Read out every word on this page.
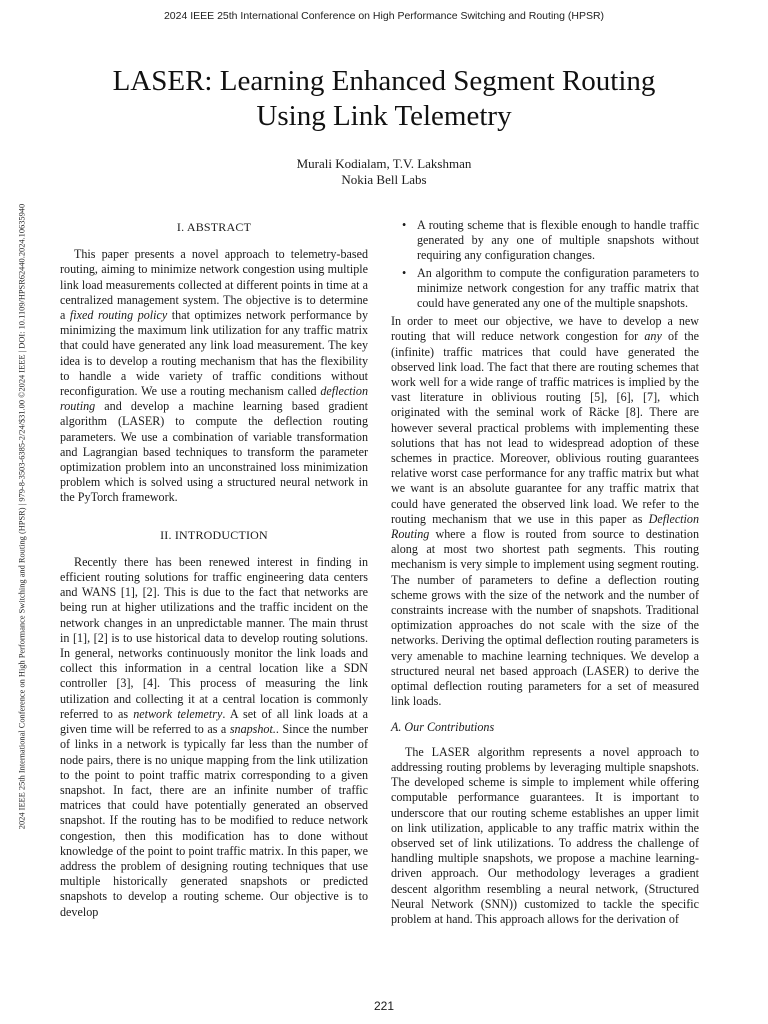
2024 IEEE 25th International Conference on High Performance Switching and Routing (HPSR)
2024 IEEE 25th International Conference on High Performance Switching and Routing (HPSR) | 979-8-3503-6385-2/24/$31.00 ©2024 IEEE | DOI: 10.1109/HPSR62440.2024.10635940
LASER: Learning Enhanced Segment Routing
Using Link Telemetry
Murali Kodialam, T.V. Lakshman
Nokia Bell Labs
I. ABSTRACT

This paper presents a novel approach to telemetry-based routing, aiming to minimize network congestion using multiple link load measurements collected at different points in time at a centralized management system. The objective is to determine a fixed routing policy that optimizes network performance by minimizing the maximum link utilization for any traffic matrix that could have generated any link load measurement. The key idea is to develop a routing mechanism that has the flexibility to handle a wide variety of traffic conditions without reconfiguration. We use a routing mechanism called deflection routing and develop a machine learning based gradient algorithm (LASER) to compute the deflection routing parameters. We use a combination of variable transformation and Lagrangian based techniques to transform the parameter optimization problem into an unconstrained loss minimization problem which is solved using a structured neural network in the PyTorch framework.

II. INTRODUCTION

Recently there has been renewed interest in finding in efficient routing solutions for traffic engineering data centers and WANS [1], [2]. This is due to the fact that networks are being run at higher utilizations and the traffic incident on the network changes in an unpredictable manner. The main thrust in [1], [2] is to use historical data to develop routing solutions. In general, networks continuously monitor the link loads and collect this information in a central location like a SDN controller [3], [4]. This process of measuring the link utilization and collecting it at a central location is commonly referred to as network telemetry. A set of all link loads at a given time will be referred to as a snapshot.. Since the number of links in a network is typically far less than the number of node pairs, there is no unique mapping from the link utilization to the point to point traffic matrix corresponding to a given snapshot. In fact, there are an infinite number of traffic matrices that could have potentially generated an observed snapshot. If the routing has to be modified to reduce network congestion, then this modification has to done without knowledge of the point to point traffic matrix. In this paper, we address the problem of designing routing techniques that use multiple historically generated snapshots or predicted snapshots to develop a routing scheme. Our objective is to develop

• A routing scheme that is flexible enough to handle traffic generated by any one of multiple snapshots without requiring any configuration changes.
• An algorithm to compute the configuration parameters to minimize network congestion for any traffic matrix that could have generated any one of the multiple snapshots.

In order to meet our objective, we have to develop a new routing that will reduce network congestion for any of the (infinite) traffic matrices that could have generated the observed link load. The fact that there are routing schemes that work well for a wide range of traffic matrices is implied by the vast literature in oblivious routing [5], [6], [7], which originated with the seminal work of Räcke [8]. There are however several practical problems with implementing these solutions that has not lead to widespread adoption of these schemes in practice. Moreover, oblivious routing guarantees relative worst case performance for any traffic matrix but what we want is an absolute guarantee for any traffic matrix that could have generated the observed link load. We refer to the routing mechanism that we use in this paper as Deflection Routing where a flow is routed from source to destination along at most two shortest path segments. This routing mechanism is very simple to implement using segment routing. The number of parameters to define a deflection routing scheme grows with the size of the network and the number of constraints increase with the number of snapshots. Traditional optimization approaches do not scale with the size of the networks. Deriving the optimal deflection routing parameters is very amenable to machine learning techniques. We develop a structured neural net based approach (LASER) to derive the optimal deflection routing parameters for a set of measured link loads.

A. Our Contributions

The LASER algorithm represents a novel approach to addressing routing problems by leveraging multiple snapshots. The developed scheme is simple to implement while offering computable performance guarantees. It is important to underscore that our routing scheme establishes an upper limit on link utilization, applicable to any traffic matrix within the observed set of link utilizations. To address the challenge of handling multiple snapshots, we propose a machine learning-driven approach. Our methodology leverages a gradient descent algorithm resembling a neural network, (Structured Neural Network (SNN)) customized to tackle the specific problem at hand. This approach allows for the derivation of

221
